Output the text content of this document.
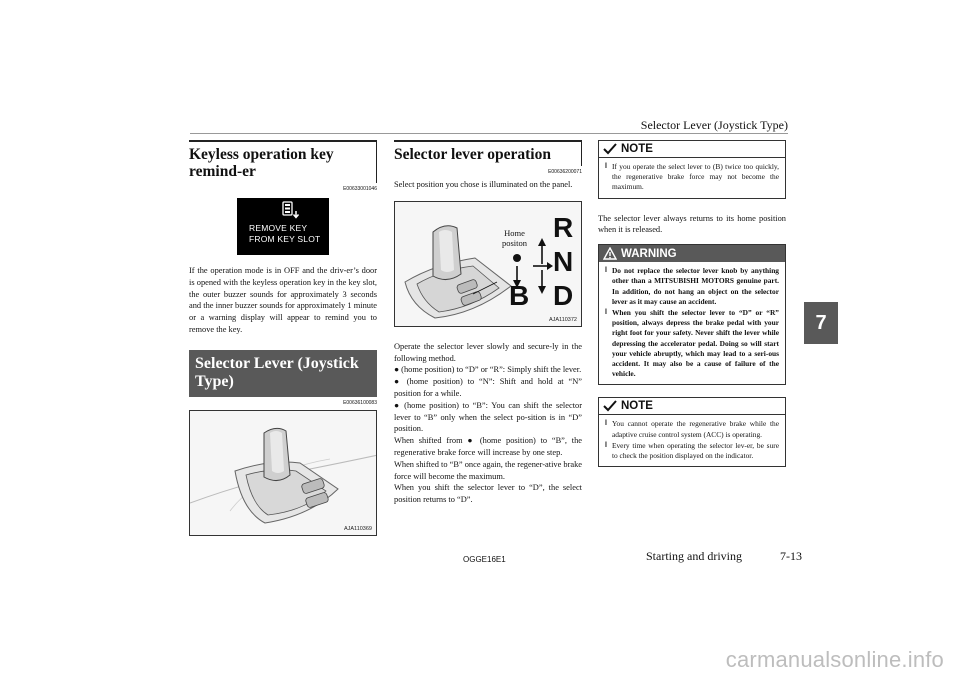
Selector Lever (Joystick Type)
7
Keyless operation key remind-er
E00633001046
REMOVE KEY
FROM KEY SLOT
If the operation mode is in OFF and the driv-er’s door is opened with the keyless operation key in the key slot, the outer buzzer sounds for approximately 3 seconds and the inner buzzer sounds for approximately 1 minute or a warning display will appear to remind you to remove the key.
Selector Lever (Joystick Type)
E00636100083
AJA110369
Selector lever operation
E00636200071
Select position you chose is illuminated on the panel.
Home
positon R
N
D
B
AJA110372

Operate the selector lever slowly and secure-ly in the following method.

● (home position) to “D” or “R”: Simply shift the lever.

● (home position) to “N”: Shift and hold at “N” position for a while.

● (home position) to “B”: You can shift the selector lever to “B” only when the select po-sition is in “D” position.

When shifted from ● (home position) to “B”, the regenerative brake force will increase by one step.

When shifted to “B” once again, the regener-ative brake force will become the maximum.

When you shift the selector lever to “D”, the select position returns to “D”.

NOTE
l If you operate the select lever to (B) twice too quickly, the regenerative brake force may not become the maximum.
The selector lever always returns to its home position when it is released.
WARNING
l Do not replace the selector lever knob by anything other than a MITSUBISHI MOTORS genuine part. In addition, do not hang an object on the selector lever as it may cause an accident.
l When you shift the selector lever to “D” or “R” position, always depress the brake pedal with your right foot for your safety. Never shift the lever while depressing the accelerator pedal. Doing so will start your vehicle abruptly, which may lead to a seri-ous accident. It may also be a cause of failure of the vehicle.
NOTE
l You cannot operate the regenerative brake while the adaptive cruise control system (ACC) is operating.
l Every time when operating the selector lev-er, be sure to check the position displayed on the indicator.
OGGE16E1	Starting and driving	7-13
carmanualsonline.info
